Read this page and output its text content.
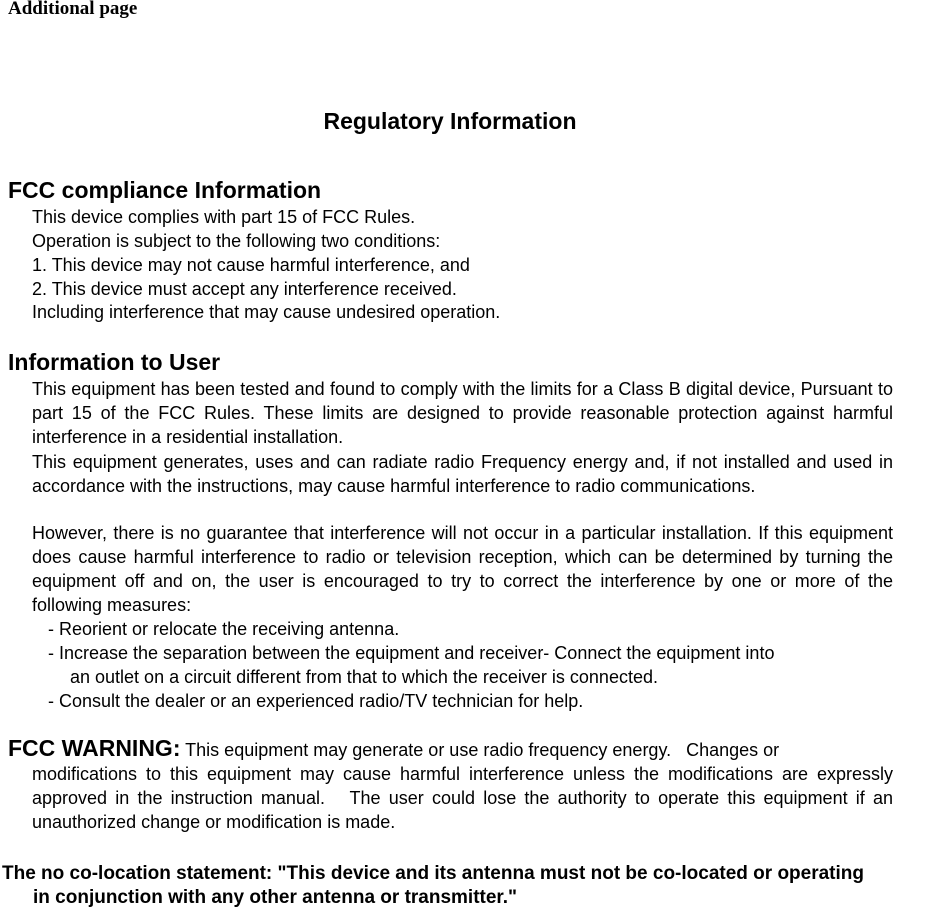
Additional page
Regulatory Information
FCC compliance Information
This device complies with part 15 of FCC Rules.
Operation is subject to the following two conditions:
1. This device may not cause harmful interference, and
2. This device must accept any interference received.
Including interference that may cause undesired operation.
Information to User
This equipment has been tested and found to comply with the limits for a Class B digital device, Pursuant to part 15 of the FCC Rules. These limits are designed to provide reasonable protection against harmful interference in a residential installation.
This equipment generates, uses and can radiate radio Frequency energy and, if not installed and used in accordance with the instructions, may cause harmful interference to radio communications.
However, there is no guarantee that interference will not occur in a particular installation. If this equipment does cause harmful interference to radio or television reception, which can be determined by turning the equipment off and on, the user is encouraged to try to correct the interference by one or more of the following measures:
- Reorient or relocate the receiving antenna.
- Increase the separation between the equipment and receiver- Connect the equipment into
an outlet on a circuit different from that to which the receiver is connected.
- Consult the dealer or an experienced radio/TV technician for help.
FCC WARNING: This equipment may generate or use radio frequency energy.   Changes or
modifications to this equipment may cause harmful interference unless the modifications are expressly approved in the instruction manual.   The user could lose the authority to operate this equipment if an unauthorized change or modification is made.
The no co-location statement: "This device and its antenna must not be co-located or operating
in conjunction with any other antenna or transmitter."
